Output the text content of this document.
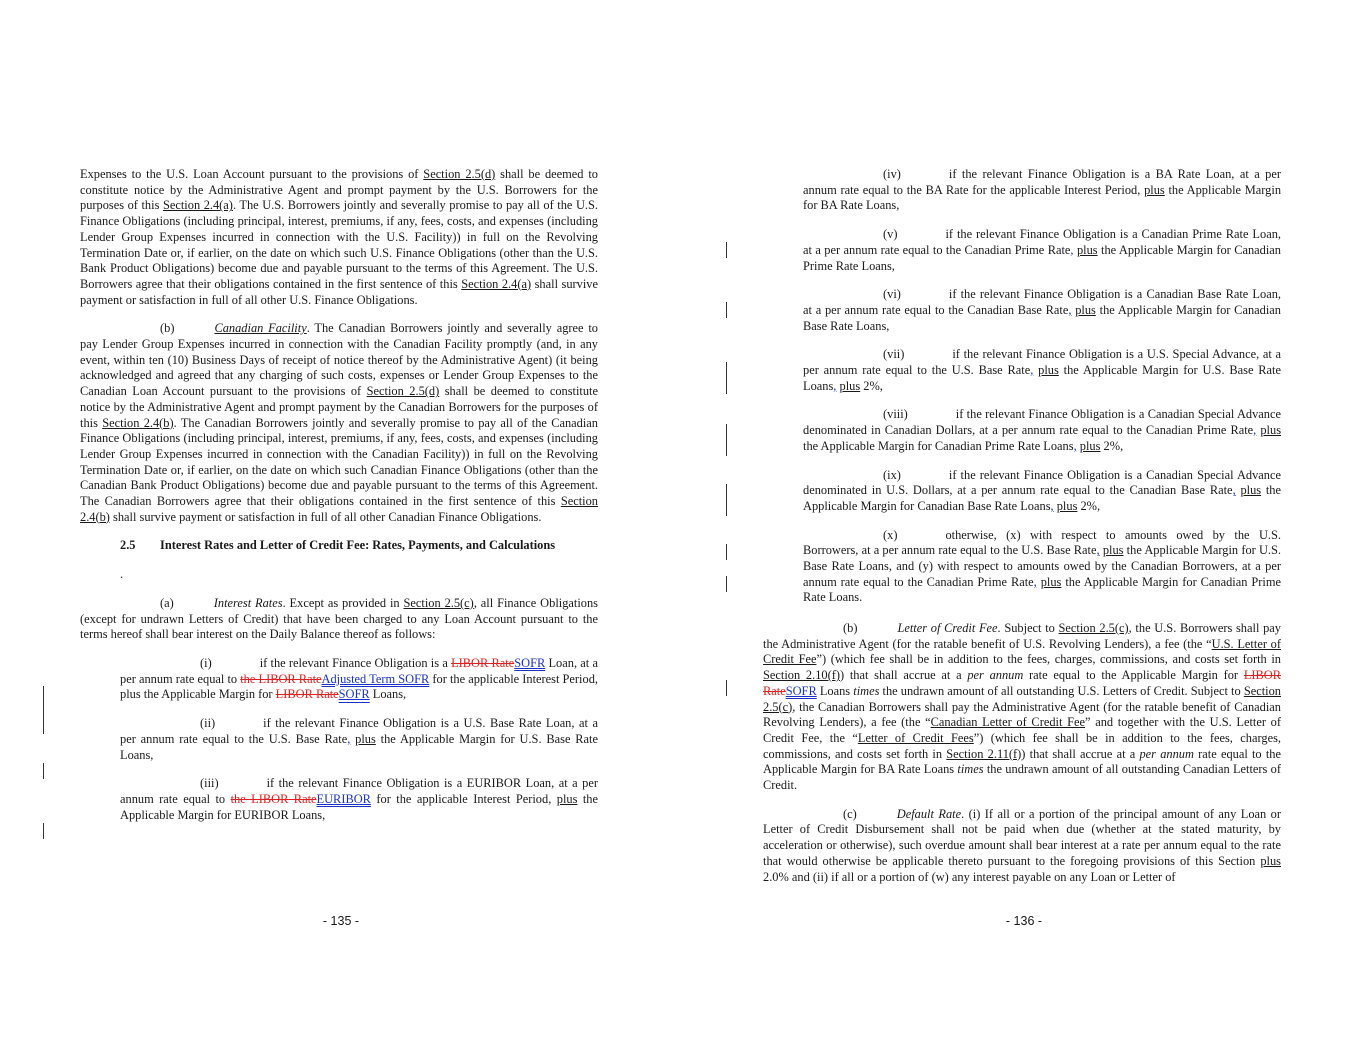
Expenses to the U.S. Loan Account pursuant to the provisions of Section 2.5(d) shall be deemed to constitute notice by the Administrative Agent and prompt payment by the U.S. Borrowers for the purposes of this Section 2.4(a). The U.S. Borrowers jointly and severally promise to pay all of the U.S. Finance Obligations (including principal, interest, premiums, if any, fees, costs, and expenses (including Lender Group Expenses incurred in connection with the U.S. Facility)) in full on the Revolving Termination Date or, if earlier, on the date on which such U.S. Finance Obligations (other than the U.S. Bank Product Obligations) become due and payable pursuant to the terms of this Agreement. The U.S. Borrowers agree that their obligations contained in the first sentence of this Section 2.4(a) shall survive payment or satisfaction in full of all other U.S. Finance Obligations.

(b)	Canadian Facility. The Canadian Borrowers jointly and severally agree to pay Lender Group Expenses incurred in connection with the Canadian Facility promptly (and, in any event, within ten (10) Business Days of receipt of notice thereof by the Administrative Agent) (it being acknowledged and agreed that any charging of such costs, expenses or Lender Group Expenses to the Canadian Loan Account pursuant to the provisions of Section 2.5(d) shall be deemed to constitute notice by the Administrative Agent and prompt payment by the Canadian Borrowers for the purposes of this Section 2.4(b). The Canadian Borrowers jointly and severally promise to pay all of the Canadian Finance Obligations (including principal, interest, premiums, if any, fees, costs, and expenses (including Lender Group Expenses incurred in connection with the Canadian Facility)) in full on the Revolving Termination Date or, if earlier, on the date on which such Canadian Finance Obligations (other than the Canadian Bank Product Obligations) become due and payable pursuant to the terms of this Agreement. The Canadian Borrowers agree that their obligations contained in the first sentence of this Section 2.4(b) shall survive payment or satisfaction in full of all other Canadian Finance Obligations.

2.5 Interest Rates and Letter of Credit Fee: Rates, Payments, and Calculations

.

(a)	Interest Rates. Except as provided in Section 2.5(c), all Finance Obligations (except for undrawn Letters of Credit) that have been charged to any Loan Account pursuant to the terms hereof shall bear interest on the Daily Balance thereof as follows:

(i)	if the relevant Finance Obligation is a LIBOR RateSOFR Loan, at a per annum rate equal to the LIBOR RateAdjusted Term SOFR for the applicable Interest Period, plus the Applicable Margin for LIBOR RateSOFR Loans,

(ii)	if the relevant Finance Obligation is a U.S. Base Rate Loan, at a per annum rate equal to the U.S. Base Rate, plus the Applicable Margin for U.S. Base Rate Loans,

(iii)	if the relevant Finance Obligation is a EURIBOR Loan, at a per annum rate equal to the LIBOR RateEURIBOR for the applicable Interest Period, plus the Applicable Margin for EURIBOR Loans,

- 135 -

(iv)	if the relevant Finance Obligation is a BA Rate Loan, at a per annum rate equal to the BA Rate for the applicable Interest Period, plus the Applicable Margin for BA Rate Loans,

(v)	if the relevant Finance Obligation is a Canadian Prime Rate Loan, at a per annum rate equal to the Canadian Prime Rate, plus the Applicable Margin for Canadian Prime Rate Loans,

(vi)	if the relevant Finance Obligation is a Canadian Base Rate Loan, at a per annum rate equal to the Canadian Base Rate, plus the Applicable Margin for Canadian Base Rate Loans,

(vii)	if the relevant Finance Obligation is a U.S. Special Advance, at a per annum rate equal to the U.S. Base Rate, plus the Applicable Margin for U.S. Base Rate Loans, plus 2%,

(viii)	if the relevant Finance Obligation is a Canadian Special Advance denominated in Canadian Dollars, at a per annum rate equal to the Canadian Prime Rate, plus the Applicable Margin for Canadian Prime Rate Loans, plus 2%,

(ix)	if the relevant Finance Obligation is a Canadian Special Advance denominated in U.S. Dollars, at a per annum rate equal to the Canadian Base Rate, plus the Applicable Margin for Canadian Base Rate Loans, plus 2%,

(x)	otherwise, (x) with respect to amounts owed by the U.S. Borrowers, at a per annum rate equal to the U.S. Base Rate, plus the Applicable Margin for U.S. Base Rate Loans, and (y) with respect to amounts owed by the Canadian Borrowers, at a per annum rate equal to the Canadian Prime Rate, plus the Applicable Margin for Canadian Prime Rate Loans.

(b)	Letter of Credit Fee. Subject to Section 2.5(c), the U.S. Borrowers shall pay the Administrative Agent (for the ratable benefit of U.S. Revolving Lenders), a fee (the “U.S. Letter of Credit Fee”) (which fee shall be in addition to the fees, charges, commissions, and costs set forth in Section 2.10(f)) that shall accrue at a per annum rate equal to the Applicable Margin for LIBOR RateSOFR Loans times the undrawn amount of all outstanding U.S. Letters of Credit. Subject to Section 2.5(c), the Canadian Borrowers shall pay the Administrative Agent (for the ratable benefit of Canadian Revolving Lenders), a fee (the “Canadian Letter of Credit Fee” and together with the U.S. Letter of Credit Fee, the “Letter of Credit Fees”) (which fee shall be in addition to the fees, charges, commissions, and costs set forth in Section 2.11(f)) that shall accrue at a per annum rate equal to the Applicable Margin for BA Rate Loans times the undrawn amount of all outstanding Canadian Letters of Credit.

(c)	Default Rate. (i) If all or a portion of the principal amount of any Loan or Letter of Credit Disbursement shall not be paid when due (whether at the stated maturity, by acceleration or otherwise), such overdue amount shall bear interest at a rate per annum equal to the rate that would otherwise be applicable thereto pursuant to the foregoing provisions of this Section plus 2.0% and (ii) if all or a portion of (w) any interest payable on any Loan or Letter of

- 136 -
